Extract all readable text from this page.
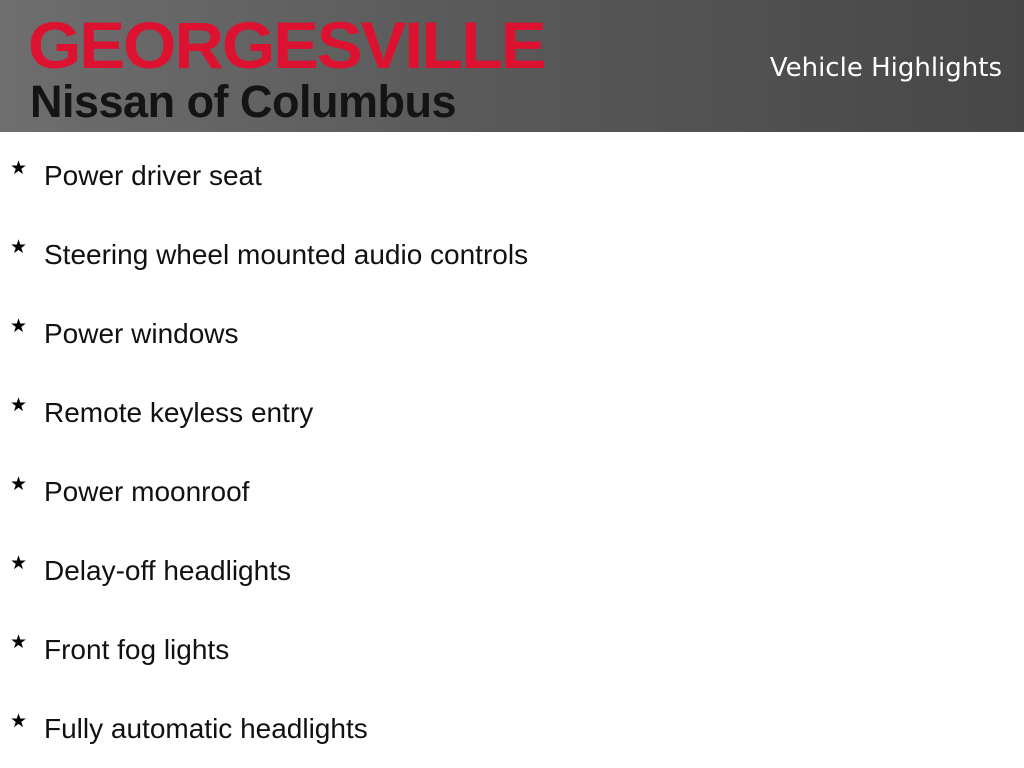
GEORGESVILLE
Nissan of Columbus
Vehicle Highlights
★ Power driver seat
★ Steering wheel mounted audio controls
★ Power windows
★ Remote keyless entry
★ Power moonroof
★ Delay-off headlights
★ Front fog lights
★ Fully automatic headlights
